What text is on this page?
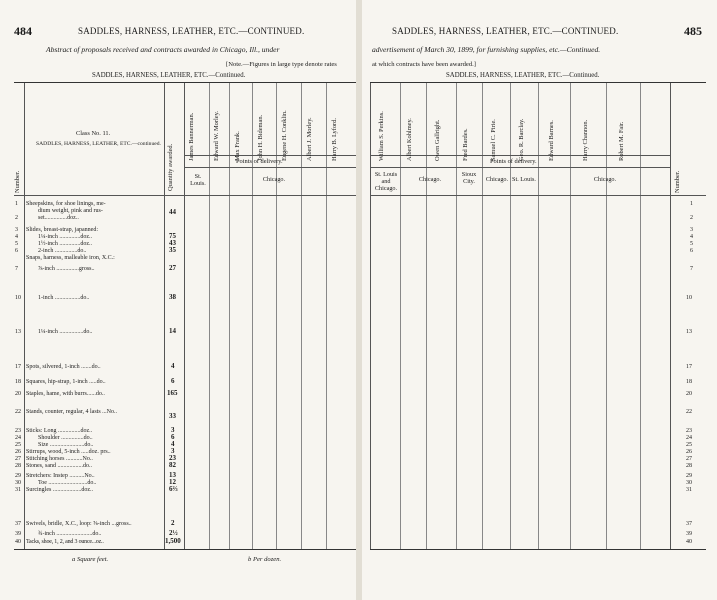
484	SADDLES, HARNESS, LEATHER, ETC.—CONTINUED.
Abstract of proposals received and contracts awarded in Chicago, Ill., under
[Note.—Figures in large type denote rates
SADDLES, HARNESS, LEATHER, ETC.—Continued.
Number.
Class No. 11.
SADDLES, HARNESS, LEATHER, ETC.—continued. Quantity awarded.
James Bannerman.	Edward W. Morley. Max Frank.	John H. Bideman.	Eugene H. Conklin.	Albert J. Morley.	Harry B. Lyford.
Points of delivery.
St. Louis.
Chicago.
1 Sheepskins, for shoe linings, me-
dium weight, pink and rus-	44
2	set...............doz..
3 Slides, breast-strap, japanned:
4	1¼-inch ..............doz..	75
5	1½-inch ..............doz..	43
6	2-inch ...............do..	35
Snaps, harness, malleable iron, X.C.:
7	⅞-inch ...............gross..	27
10	1-inch .................do..	38
13	1¼-inch ................do..	14
17 Spots, silvered, 1-inch .......do..	4
18 Squares, hip-strap, 1-inch .....do..	6
20 Staples, hame, with burrs......do..	165
22 Stands, counter, regular, 4 lasts ...No..	33
23 Sticks: Long ...............doz..	3
24	Shoulder ...............do..	6
25	Size .......................do..	4
26 Stirrups, wood, 5-inch .....doz. prs..	3
27 Stitching horses ...........No..	23
28 Stones, sand .................do..	82
29 Stretchers: Instep ..........No..	13
30	Toe ..........................do..	12
31 Surcingles ...................doz..	6⅔
37 Swivels, bridle, X.C., loop: ⅝-inch ...gross..	2
39	¾-inch ........................do..	2½
40 Tacks, shoe, 1, 2, and 3 ounce...oz..	1,500
a Square feet.	b Per dozen.
SADDLES, HARNESS, LEATHER, ETC.—CONTINUED.	485
advertisement of March 30, 1899, for furnishing supplies, etc.—Continued.
at which contracts have been awarded.]
SADDLES, HARNESS, LEATHER, ETC.—Continued.
William S. Perkins.	Albert Kohlmey.	Owen Gallright.	Fred Bardes.	Samuel C. Pirie.	Geo. R. Barclay.	Edward Barnes.	Harry Channon.	Robert M. Fair.
Points of delivery.
St. Louis and Chicago.
Chicago.
Sioux City.	Chicago. St. Louis.	Chicago.	Number.
1
2
3
4
5
6
7
10
13
17
18
20
22
23
24
25
26
27
28
29
30
31
37
39
40
